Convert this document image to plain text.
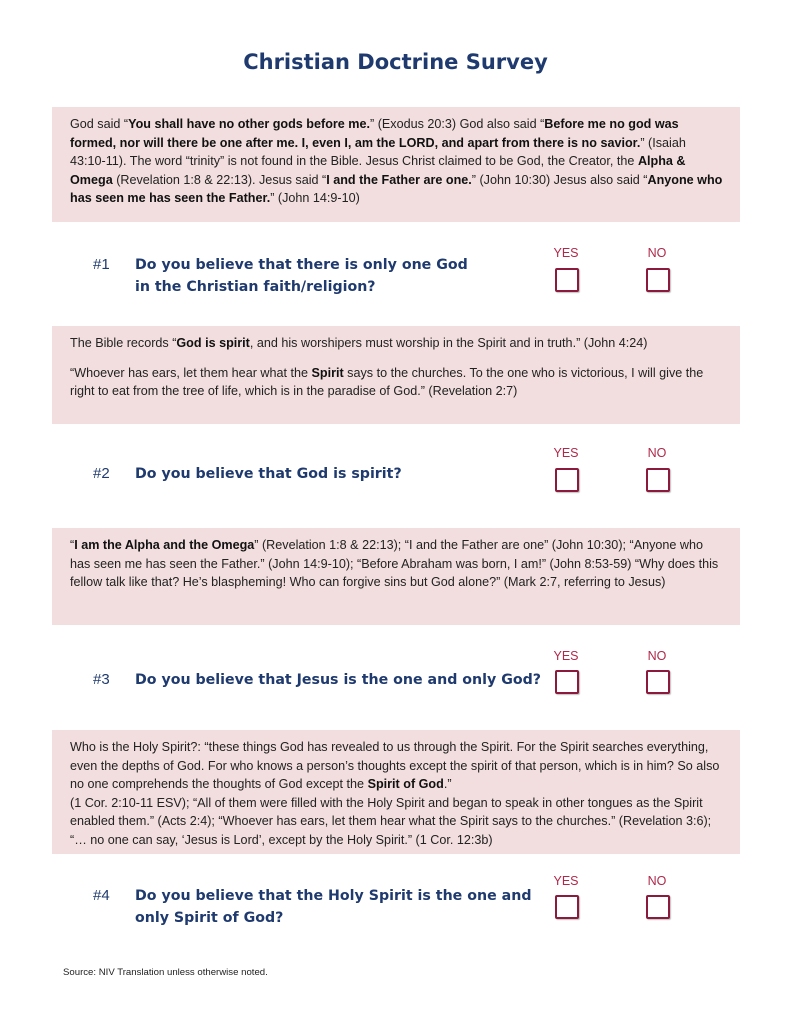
Christian Doctrine Survey

God said “You shall have no other gods before me.” (Exodus 20:3) God also said “Before me no god was formed, nor will there be one after me. I, even I, am the LORD, and apart from there is no savior.” (Isaiah 43:10-11). The word “trinity” is not found in the Bible. Jesus Christ claimed to be God, the Creator, the Alpha & Omega (Revelation 1:8 & 22:13). Jesus said “I and the Father are one.” (John 10:30) Jesus also said “Anyone who has seen me has seen the Father.” (John 14:9-10)

#1 Do you believe that there is only one God
in the Christian faith/religion?
YES	NO

The Bible records “God is spirit, and his worshipers must worship in the Spirit and in truth.” (John 4:24)

“Whoever has ears, let them hear what the Spirit says to the churches. To the one who is victorious, I will give the right to eat from the tree of life, which is in the paradise of God.” (Revelation 2:7)

#2 Do you believe that God is spirit?
YES	NO

“I am the Alpha and the Omega” (Revelation 1:8 & 22:13); “I and the Father are one” (John 10:30); “Anyone who has seen me has seen the Father.” (John 14:9-10); “Before Abraham was born, I am!” (John 8:53-59) “Why does this fellow talk like that? He’s blaspheming! Who can forgive sins but God alone?” (Mark 2:7, referring to Jesus)

#3 Do you believe that Jesus is the one and only God?
YES	NO

Who is the Holy Spirit?: “these things God has revealed to us through the Spirit. For the Spirit searches everything, even the depths of God. For who knows a person’s thoughts except the spirit of that person, which is in him? So also no one comprehends the thoughts of God except the Spirit of God.”
(1 Cor. 2:10-11 ESV); “All of them were filled with the Holy Spirit and began to speak in other tongues as the Spirit enabled them.” (Acts 2:4); “Whoever has ears, let them hear what the Spirit says to the churches.” (Revelation 3:6); “… no one can say, ‘Jesus is Lord’, except by the Holy Spirit.” (1 Cor. 12:3b)

#4 Do you believe that the Holy Spirit is the one and
only Spirit of God?
YES	NO
Source: NIV Translation unless otherwise noted.
